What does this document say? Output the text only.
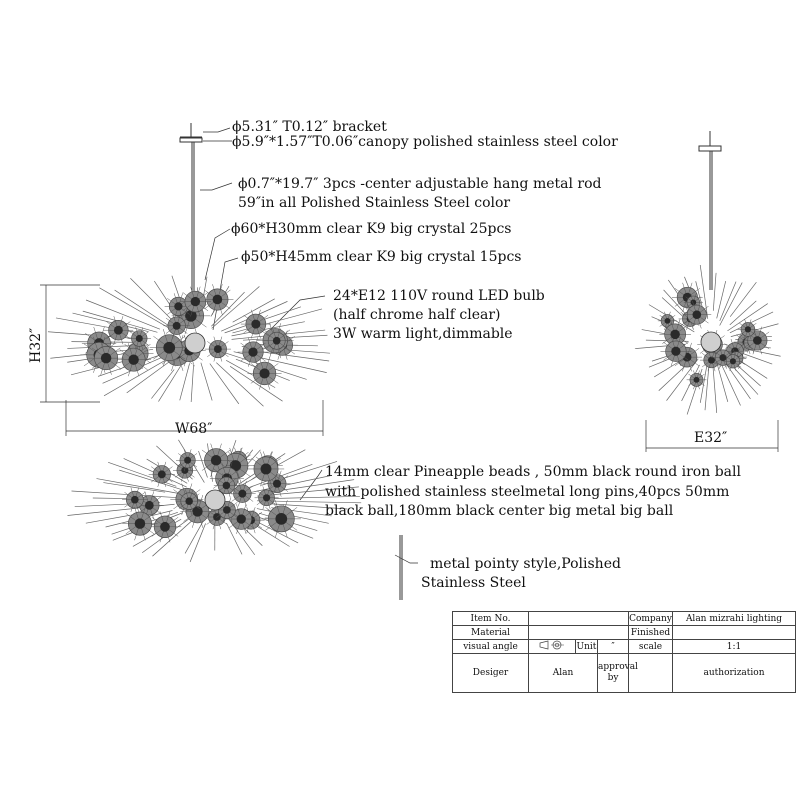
ϕ5.31″ T0.12″ bracket
ϕ5.9″*1.57″T0.06″canopy polished stainless steel color
ϕ0.7″*19.7″ 3pcs -center adjustable hang metal rod
59″in all Polished Stainless Steel color
ϕ60*H30mm clear K9 big crystal 25pcs
ϕ50*H45mm clear K9 big crystal 15pcs
24*E12 110V round LED bulb
(half chrome half clear)
3W warm light,dimmable
14mm clear Pineapple beads , 50mm black round iron ball
with polished stainless steelmetal long pins,40pcs 50mm
black ball,180mm black center big metal big ball
metal pointy style,Polished
Stainless Steel
H32″
W68″
E32″
Item No.				Company	Alan mizrahi lighting
Material				Finished	
visual angle		Unit	″	scale	1:1
Desiger	Alan		approval by		authorization
